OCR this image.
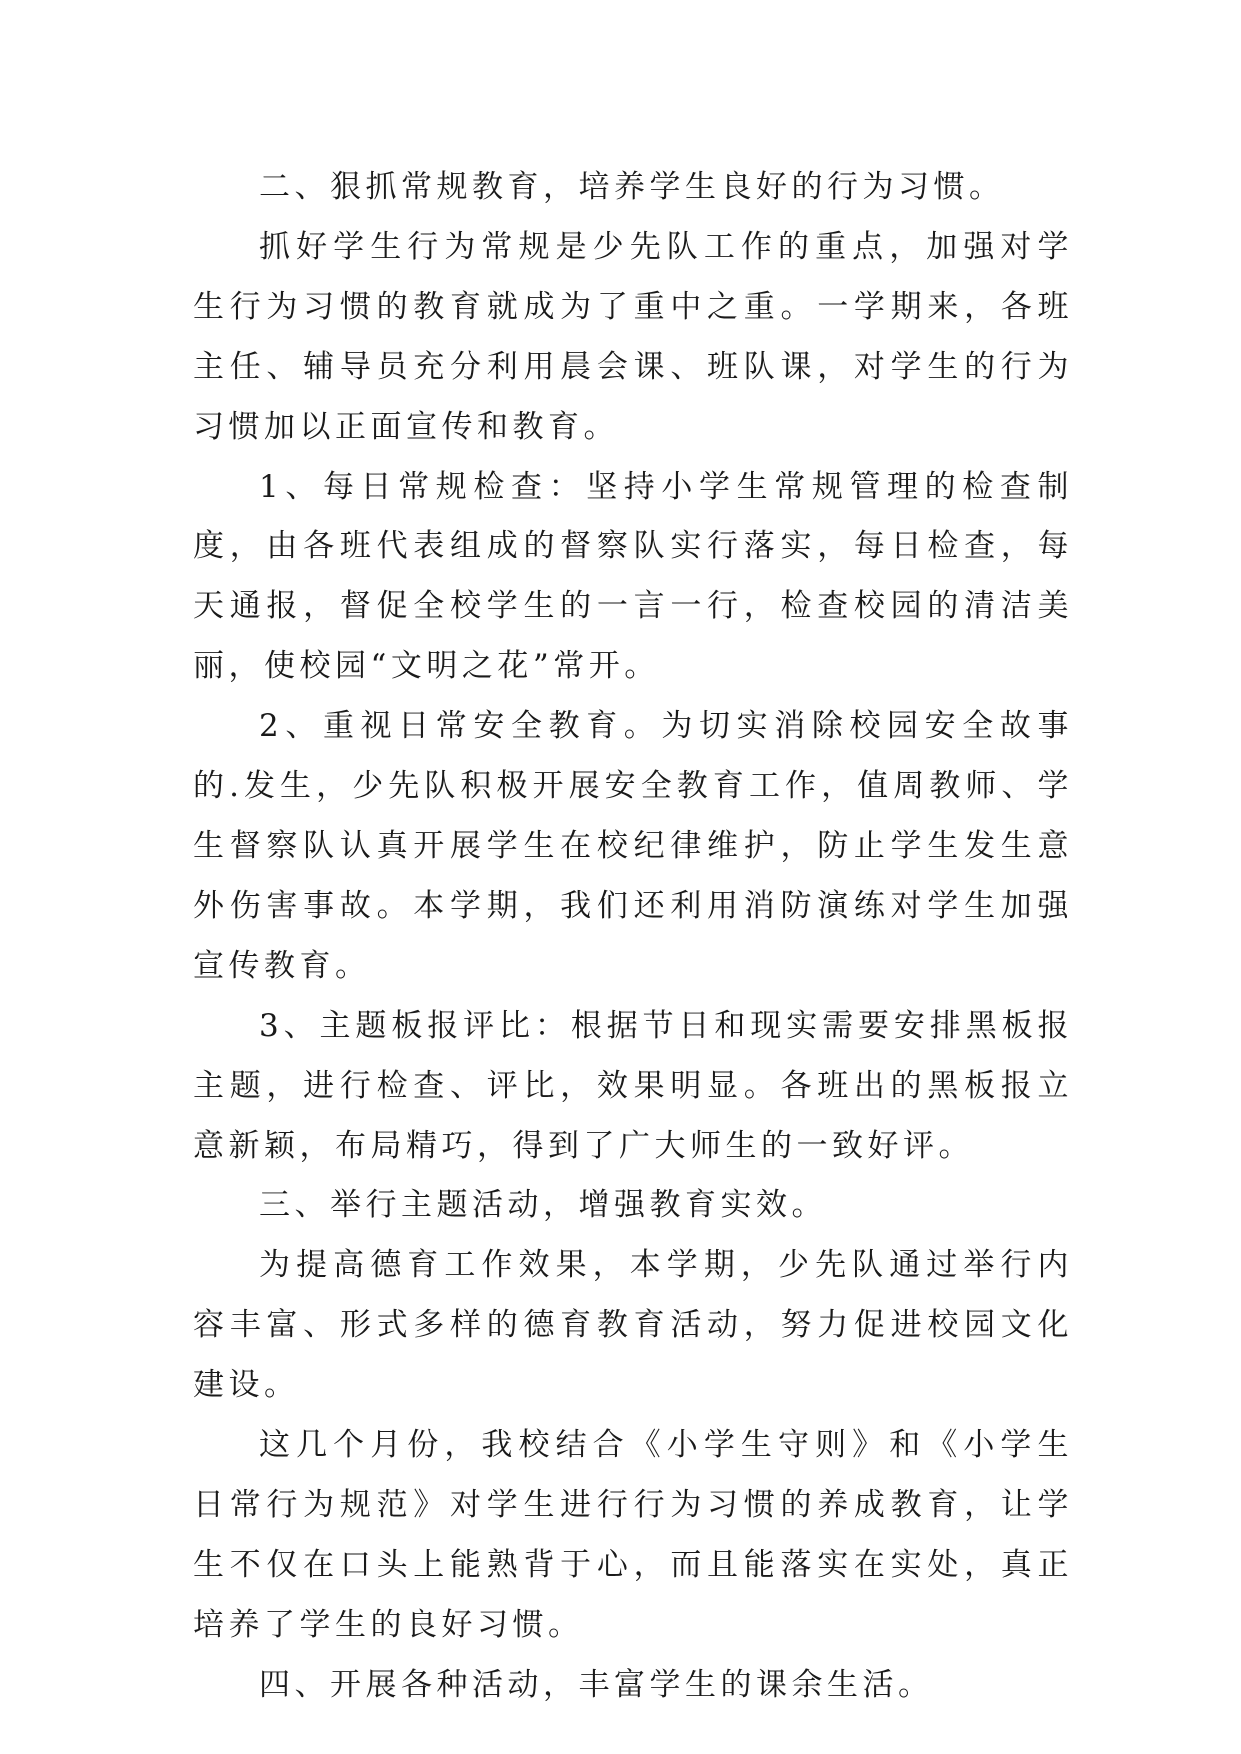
二、狠抓常规教育，培养学生良好的行为习惯。

抓好学生行为常规是少先队工作的重点，加强对学生行为习惯的教育就成为了重中之重。一学期来，各班主任、辅导员充分利用晨会课、班队课，对学生的行为习惯加以正面宣传和教育。

1、每日常规检查：坚持小学生常规管理的检查制度，由各班代表组成的督察队实行落实，每日检查，每天通报，督促全校学生的一言一行，检查校园的清洁美丽，使校园“文明之花”常开。

2、重视日常安全教育。为切实消除校园安全故事的.发生，少先队积极开展安全教育工作，值周教师、学生督察队认真开展学生在校纪律维护，防止学生发生意外伤害事故。本学期，我们还利用消防演练对学生加强宣传教育。

3、主题板报评比：根据节日和现实需要安排黑板报主题，进行检查、评比，效果明显。各班出的黑板报立意新颖，布局精巧，得到了广大师生的一致好评。

三、举行主题活动，增强教育实效。

为提高德育工作效果，本学期，少先队通过举行内容丰富、形式多样的德育教育活动，努力促进校园文化建设。

这几个月份，我校结合《小学生守则》和《小学生日常行为规范》对学生进行行为习惯的养成教育，让学生不仅在口头上能熟背于心，而且能落实在实处，真正培养了学生的良好习惯。

四、开展各种活动，丰富学生的课余生活。
